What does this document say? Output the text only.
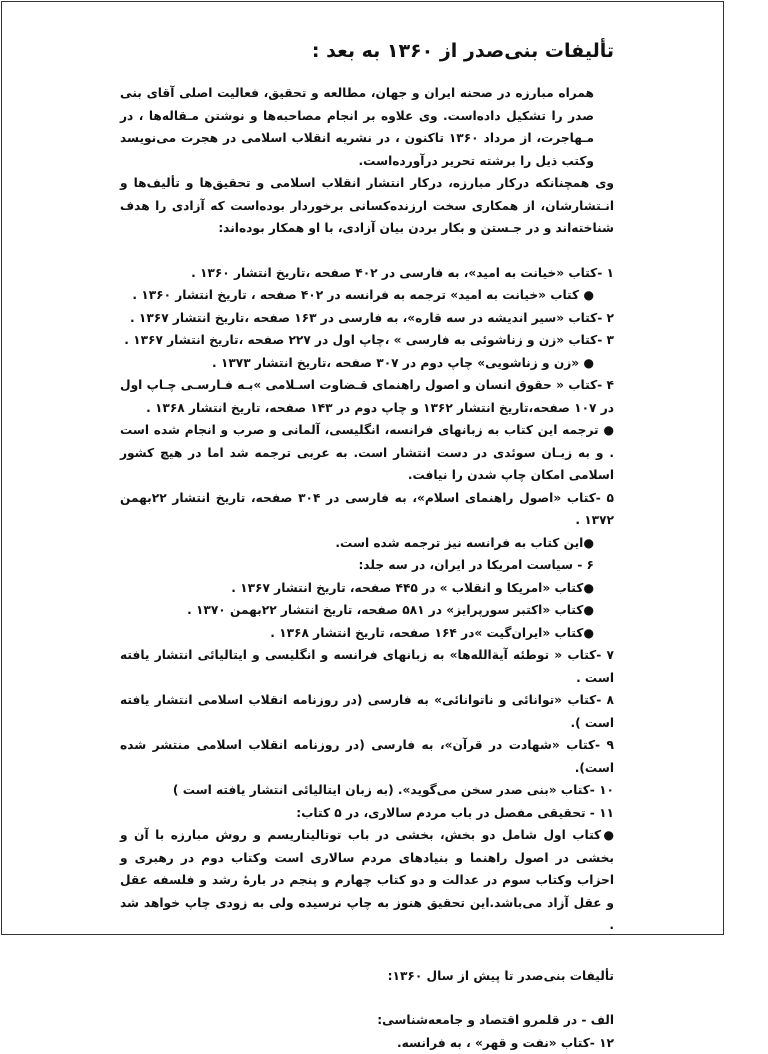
تألیفات بنی‌صدر از ۱۳۶۰ به بعد :

همراه مبارزه در صحنه ایران و جهان، مطالعه و تحقیق، فعالیت اصلی آقای بنی صدر را تشکیل داده‌است. وی علاوه بر انجام مصاحبه‌ها و نوشتن مـقاله‌ها ، در مـهاجرت، از مرداد ۱۳۶۰ تاکنون ، در نشریه انقلاب اسلامی در هجرت می‌نویسد وکتب ذیل را برشته تحریر درآورده‌است.

وی همچنانکه درکار مبارزه، درکار انتشار انقلاب اسلامی و تحقیق‌ها و تألیف‌ها و انـتشارشان، از همکاری سخت ارزنده‌کسانی برخوردار بوده‌است که آزادی را هدف شناخته‌اند و در جـستن و بکار بردن بیان آزادی، با او همکار بوده‌اند:

۱ -کتاب «خیانت به امید»، به فارسی در ۴۰۲ صفحه ،تاریخ انتشار ۱۳۶۰ .

● کتاب «خیانت به امید» ترجمه به فرانسه در ۴۰۲ صفحه ، تاریخ انتشار ۱۳۶۰ .

۲ -کتاب «سیر اندیشه در سه قاره»، به فارسی در ۱۶۳ صفحه ،تاریخ انتشار ۱۳۶۷ .

۳ -کتاب «زن و زناشوئی به فارسی » ،چاپ اول در ۲۲۷ صفحه ،تاریخ انتشار ۱۳۶۷ .

● «زن و زناشویی» چاپ دوم در ۳۰۷ صفحه ،تاریخ انتشار ۱۳۷۳ .

۴ -کتاب « حقوق انسان و اصول راهنمای قـضاوت اسـلامی »بـه فـارسـی چـاپ اول در ۱۰۷ صفحه،تاریخ انتشار ۱۳۶۲ و چاپ دوم در ۱۴۳ صفحه، تاریخ انتشار ۱۳۶۸ .

● ترجمه این کتاب به زبانهای فرانسه، انگلیسی، آلمانی و صرب و انجام شده است . و به زبـان سوئدی در دست انتشار است. به عربی ترجمه شد اما در هیچ کشور اسلامی امکان چاپ شدن را نیافت.

۵ -کتاب «اصول راهنمای اسلام»، به فارسی در ۳۰۴ صفحه، تاریخ انتشار ۲۲بهمن ۱۳۷۲ .

●این کتاب به فرانسه نیز ترجمه شده است.

۶ - سیاست امریکا در ایران، در سه جلد:

●کتاب «امریکا و انقلاب » در ۴۴۵ صفحه، تاریخ انتشار ۱۳۶۷ .

●کتاب «اکتبر سورپرایز» در ۵۸۱ صفحه، تاریخ انتشار ۲۲بهمن ۱۳۷۰ .

●کتاب «ایران‌گیت »در ۱۶۴ صفحه، تاریخ انتشار ۱۳۶۸ .

۷ -کتاب « توطئه آیةالله‌ها» به زبانهای فرانسه و انگلیسی و ایتالیائی انتشار یافته است .

۸ -کتاب «توانائی و ناتوانائی» به فارسی (در روزنامه انقلاب اسلامی انتشار یافته است ).

۹ -کتاب «شهادت در قرآن»، به فارسی (در روزنامه انقلاب اسلامی منتشر شده است).

۱۰ -کتاب «بنی صدر سخن می‌گوید». (به زبان ایتالیائی انتشار یافته است )

۱۱ - تحقیقی مفصل در باب مردم سالاری، در ۵ کتاب:

●کتاب اول شامل دو بخش، بخشی در باب توتالیتاریسم و روش مبارزه با آن و بخشی در اصول راهنما و بنیادهای مردم سالاری است وکتاب دوم در رهبری و احزاب وکتاب سوم در عدالت و دو کتاب چهارم و پنجم در بارهٔ رشد و فلسفه عقل و عقل آزاد می‌باشد.این تحقیق هنوز به چاپ نرسیده ولی به زودی چاپ خواهد شد .

تألیفات بنی‌صدر تا پیش از سال ۱۳۶۰:

الف - در قلمرو اقتصاد و جامعه‌شناسی:

۱۲ -کتاب «نفت و قهر» ، به فرانسه.
